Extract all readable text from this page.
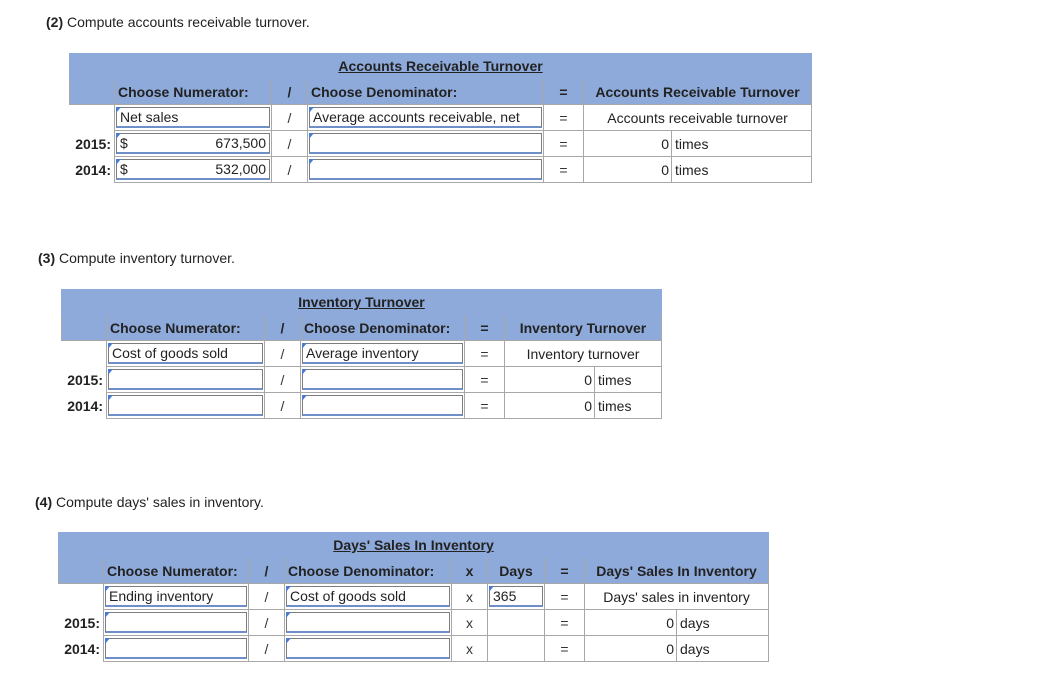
(2) Compute accounts receivable turnover.
Accounts Receivable Turnover						
	Choose Numerator:	/	Choose Denominator:	=	Accounts Receivable Turnover	

	Net sales	/	Average accounts receivable, net	=	Accounts receivable turnover	
2015:	$ 673,500	/		=	0	times
2014:	$ 532,000	/		=	0	times
(3) Compute inventory turnover.
Inventory Turnover						
	Choose Numerator:	/	Choose Denominator:	=	Inventory Turnover	

	Cost of goods sold	/	Average inventory	=	Inventory turnover	
2015:		/		=	0	times
2014:		/		=	0	times
(4) Compute days' sales in inventory.
Days' Sales In Inventory								
	Choose Numerator:	/	Choose Denominator:	x	Days	=	Days' Sales In Inventory	

	Ending inventory	/	Cost of goods sold	x	365	=	Days' sales in inventory	
2015:		/		x		=	0	days
2014:		/		x		=	0	days
